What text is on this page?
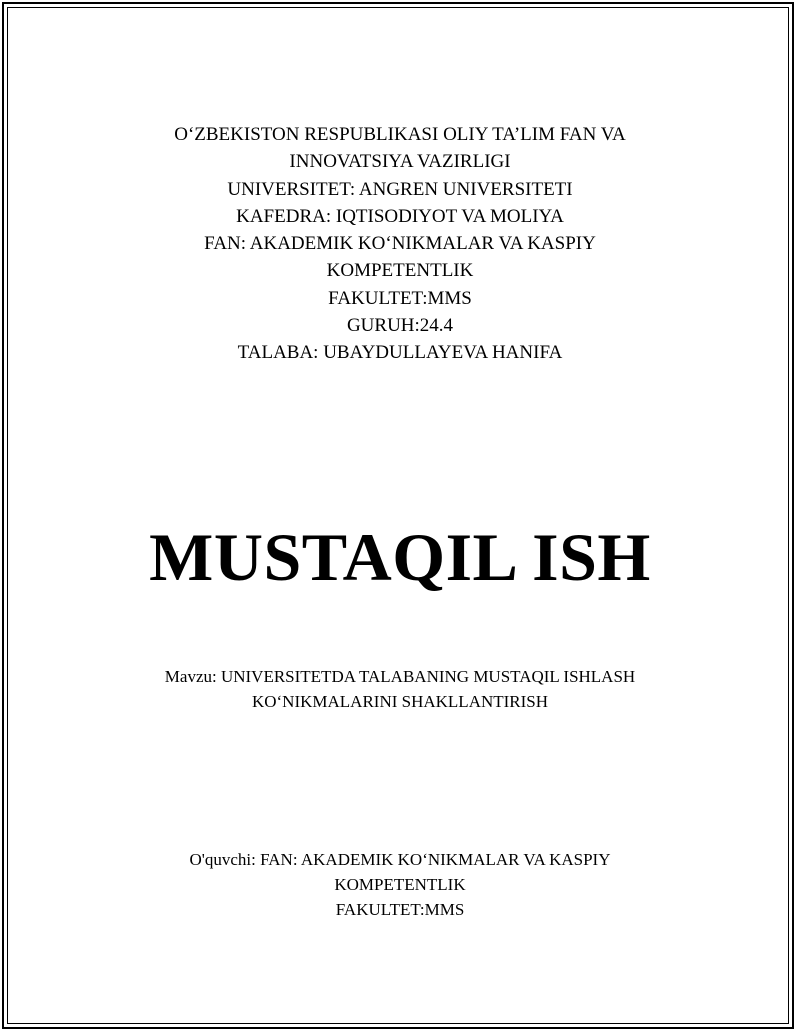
O‘ZBEKISTON RESPUBLIKASI OLIY TA’LIM FAN VA
INNOVATSIYA VAZIRLIGI
UNIVERSITET: ANGREN UNIVERSITETI
KAFEDRA: IQTISODIYOT VA MOLIYA
FAN: AKADEMIK KO‘NIKMALAR VA KASPIY
KOMPETENTLIK
FAKULTET:MMS
GURUH:24.4
TALABA: UBAYDULLAYEVA HANIFA
MUSTAQIL ISH
Mavzu: UNIVERSITETDA TALABANING MUSTAQIL ISHLASH
KO‘NIKMALARINI SHAKLLANTIRISH
O'quvchi: FAN: AKADEMIK KO‘NIKMALAR VA KASPIY
KOMPETENTLIK
FAKULTET:MMS
